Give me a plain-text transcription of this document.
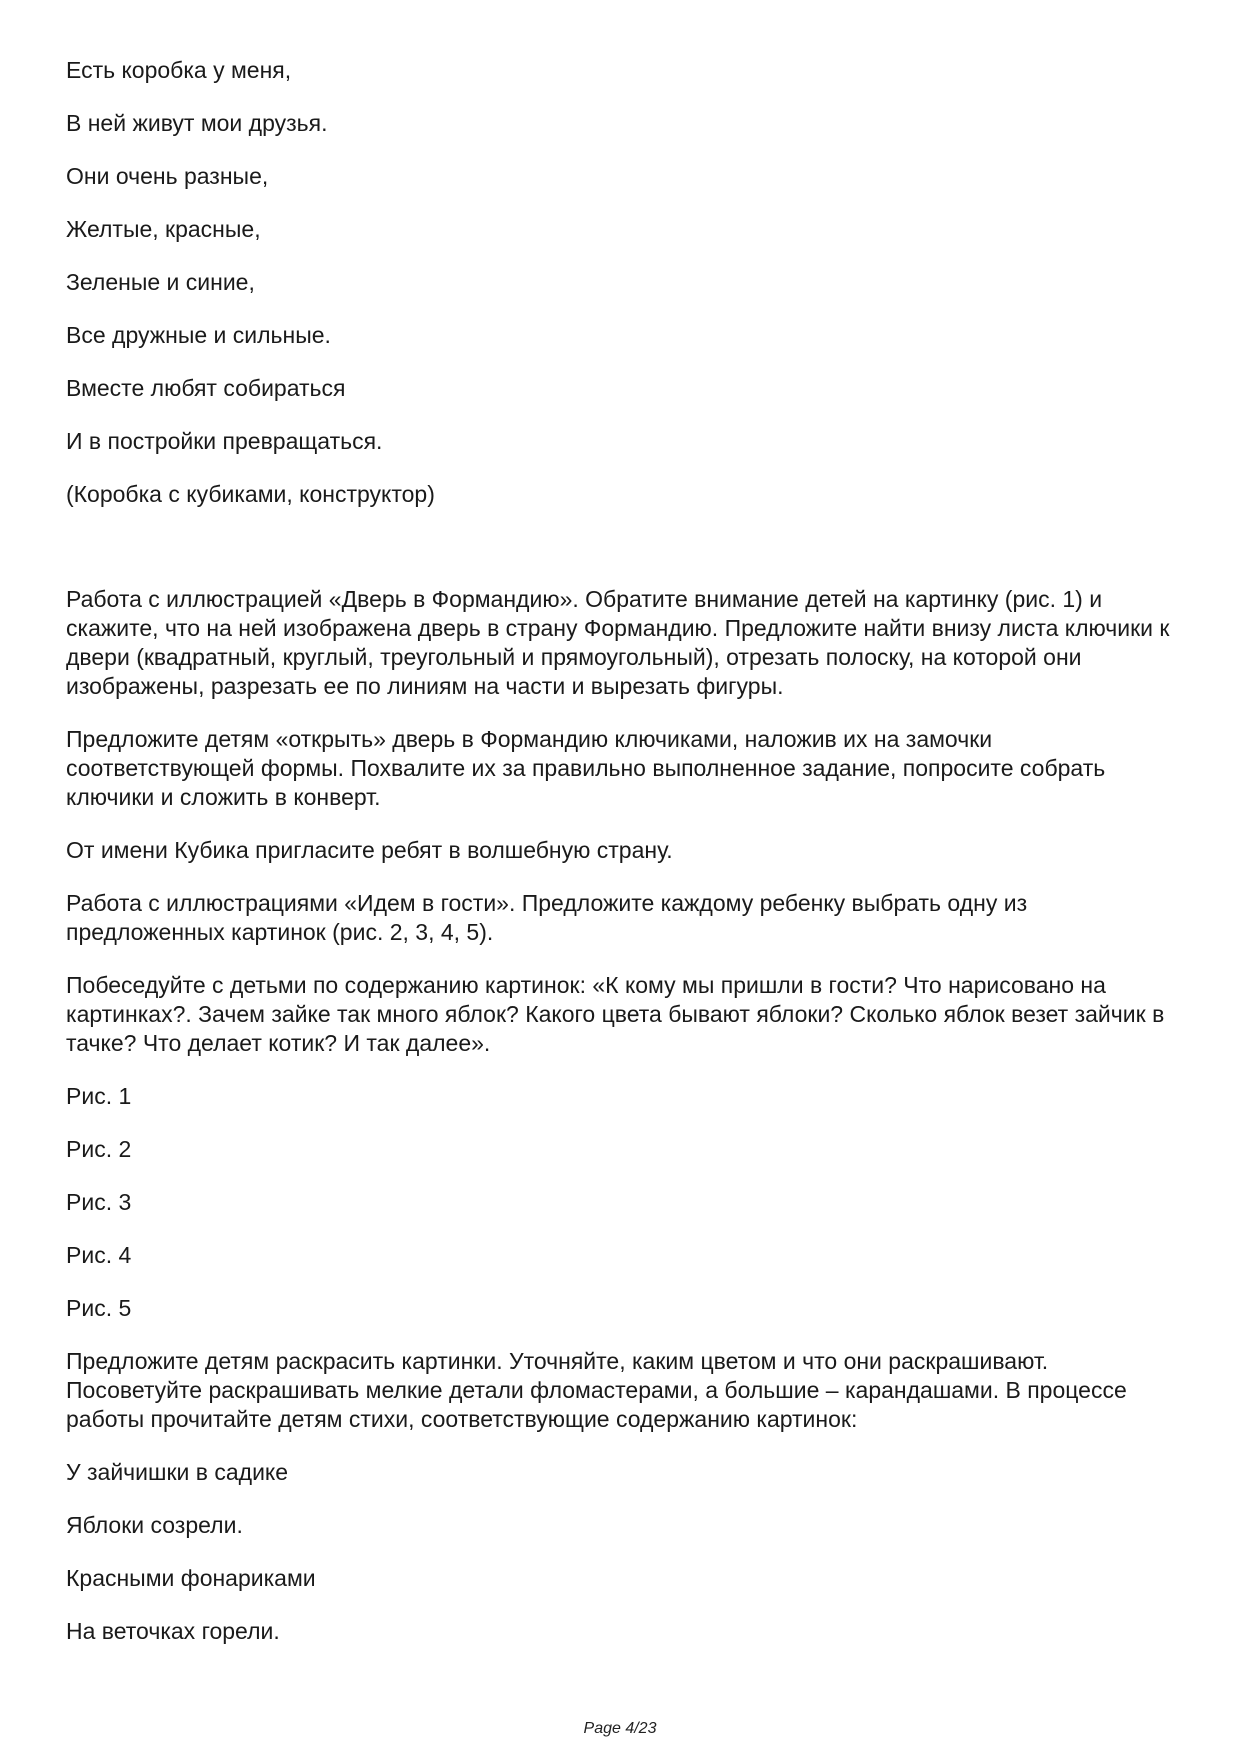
Есть коробка у меня,
В ней живут мои друзья.
Они очень разные,
Желтые, красные,
Зеленые и синие,
Все дружные и сильные.
Вместе любят собираться
И в постройки превращаться.
(Коробка с кубиками, конструктор)

Работа с иллюстрацией «Дверь в Формандию». Обратите внимание детей на картинку (рис. 1) и скажите, что на ней изображена дверь в страну Формандию. Предложите найти внизу листа ключики к двери (квадратный, круглый, треугольный и прямоугольный), отрезать полоску, на которой они изображены, разрезать ее по линиям на части и вырезать фигуры.

Предложите детям «открыть» дверь в Формандию ключиками, наложив их на замочки соответствующей формы. Похвалите их за правильно выполненное задание, попросите собрать ключики и сложить в конверт.

От имени Кубика пригласите ребят в волшебную страну.

Работа с иллюстрациями «Идем в гости». Предложите каждому ребенку выбрать одну из предложенных картинок (рис. 2, 3, 4, 5).

Побеседуйте с детьми по содержанию картинок: «К кому мы пришли в гости? Что нарисовано на картинках?. Зачем зайке так много яблок? Какого цвета бывают яблоки? Сколько яблок везет зайчик в тачке? Что делает котик? И так далее».

Рис. 1
Рис. 2
Рис. 3
Рис. 4
Рис. 5

Предложите детям раскрасить картинки. Уточняйте, каким цветом и что они раскрашивают. Посоветуйте раскрашивать мелкие детали фломастерами, а большие – карандашами. В процессе работы прочитайте детям стихи, соответствующие содержанию картинок:

У зайчишки в садике
Яблоки созрели.
Красными фонариками
На веточках горели.
Page 4/23
